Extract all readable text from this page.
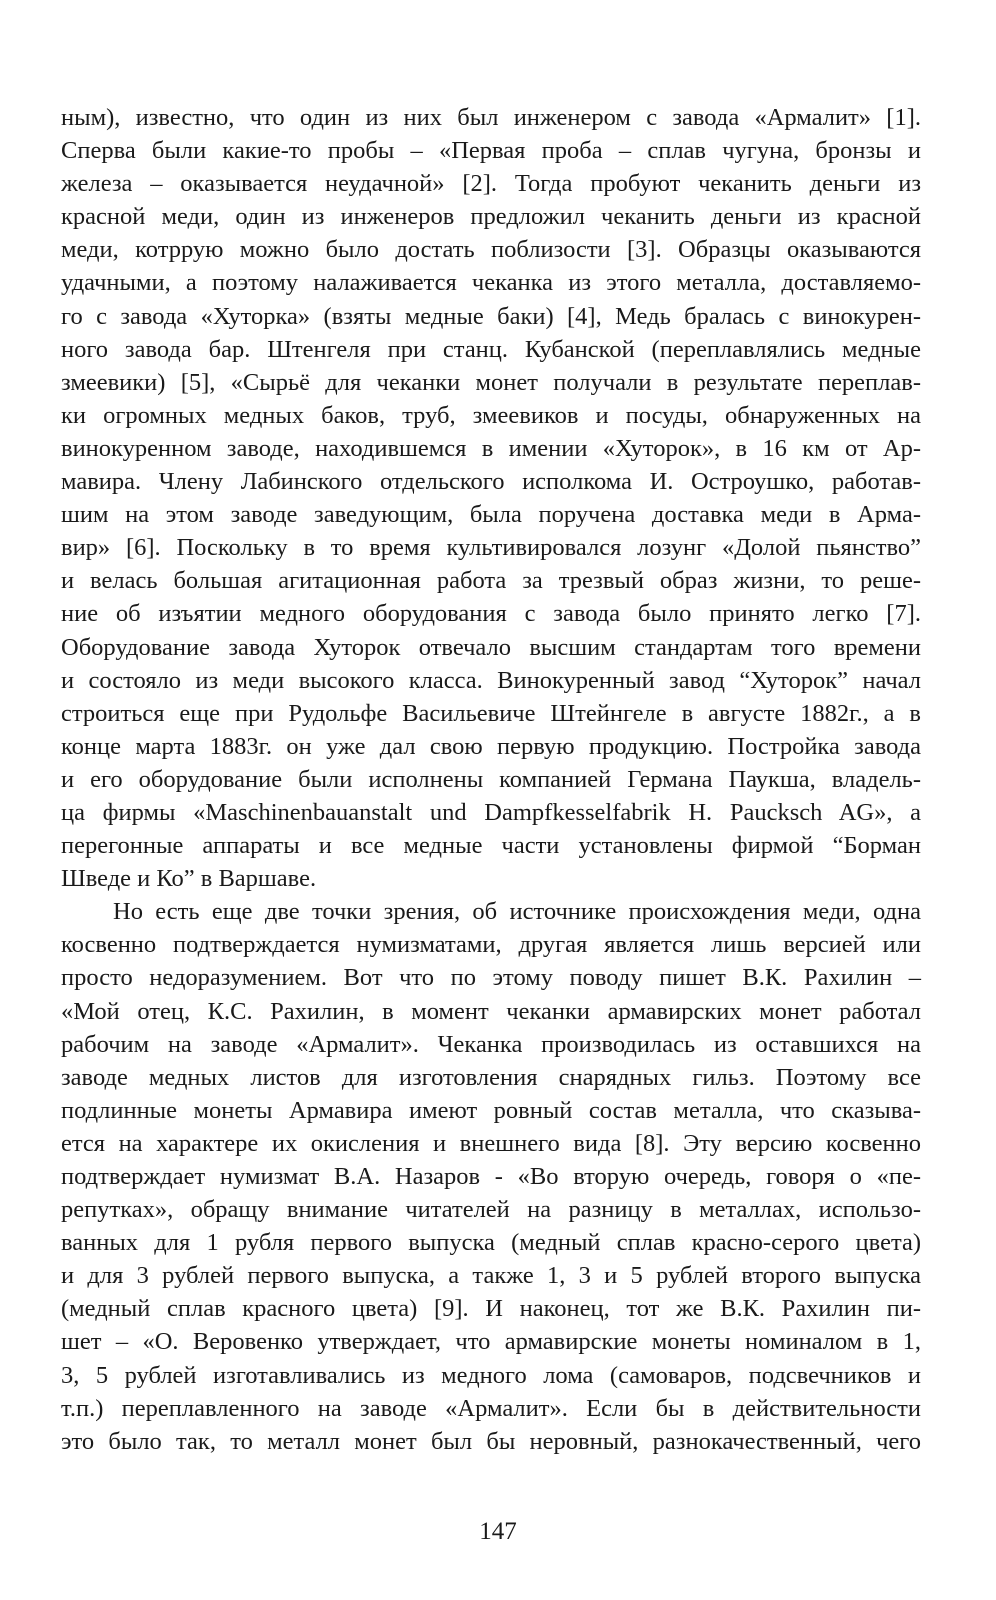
ным), известно, что один из них был инженером с завода «Армалит» [1].
Сперва были какие-то пробы – «Первая проба – сплав чугуна, бронзы и
железа – оказывается неудачной» [2]. Тогда пробуют чеканить деньги из
красной меди, один из инженеров предложил чеканить деньги из красной
меди, котррую можно было достать поблизости [3]. Образцы оказываются
удачными, а поэтому налаживается чеканка из этого металла, доставляемо-
го с завода «Хуторка» (взяты медные баки) [4], Медь бралась с винокурен-
ного завода бар. Штенгеля при станц. Кубанской (переплавлялись медные
змеевики) [5], «Сырьё для чеканки монет получали в результате переплав-
ки огромных медных баков, труб, змеевиков и посуды, обнаруженных на
винокуренном заводе, находившемся в имении «Хуторок», в 16 км от Ар-
мавира. Члену Лабинского отдельского исполкома И. Остроушко, работав-
шим на этом заводе заведующим, была поручена доставка меди в Арма-
вир» [6]. Поскольку в то время культивировался лозунг «Долой пьянство”
и велась большая агитационная работа за трезвый образ жизни, то реше-
ние об изъятии медного оборудования с завода было принято легко [7].
Оборудование завода Хуторок отвечало высшим стандартам того времени
и состояло из меди высокого класса. Винокуренный завод “Хуторок” начал
строиться еще при Рудольфе Васильевиче Штейнгеле в августе 1882г., а в
конце марта 1883г. он уже дал свою первую продукцию. Постройка завода
и его оборудование были исполнены компанией Германа Паукша, владель-
ца фирмы «Maschinenbauanstalt und Dampfkesselfabrik H. Paucksch AG», а
перегонные аппараты и все медные части установлены фирмой “Борман
Шведе и Ко” в Варшаве.
Но есть еще две точки зрения, об источнике происхождения меди, одна
косвенно подтверждается нумизматами, другая является лишь версией или
просто недоразумением. Вот что по этому поводу пишет В.К. Рахилин –
«Мой отец, К.С. Рахилин, в момент чеканки армавирских монет работал
рабочим на заводе «Армалит». Чеканка производилась из оставшихся на
заводе медных листов для изготовления снарядных гильз. Поэтому все
подлинные монеты Армавира имеют ровный состав металла, что сказыва-
ется на характере их окисления и внешнего вида [8]. Эту версию косвенно
подтверждает нумизмат В.А. Назаров - «Во вторую очередь, говоря о «пе-
репутках», обращу внимание читателей на разницу в металлах, использо-
ванных для 1 рубля первого выпуска (медный сплав красно-серого цвета)
и для 3 рублей первого выпуска, а также 1, 3 и 5 рублей второго выпуска
(медный сплав красного цвета) [9]. И наконец, тот же В.К. Рахилин пи-
шет – «О. Веровенко утверждает, что армавирские монеты номиналом в 1,
3, 5 рублей изготавливались из медного лома (самоваров, подсвечников и
т.п.) переплавленного на заводе «Армалит». Если бы в действительности
это было так, то металл монет был бы неровный, разнокачественный, чего
147
